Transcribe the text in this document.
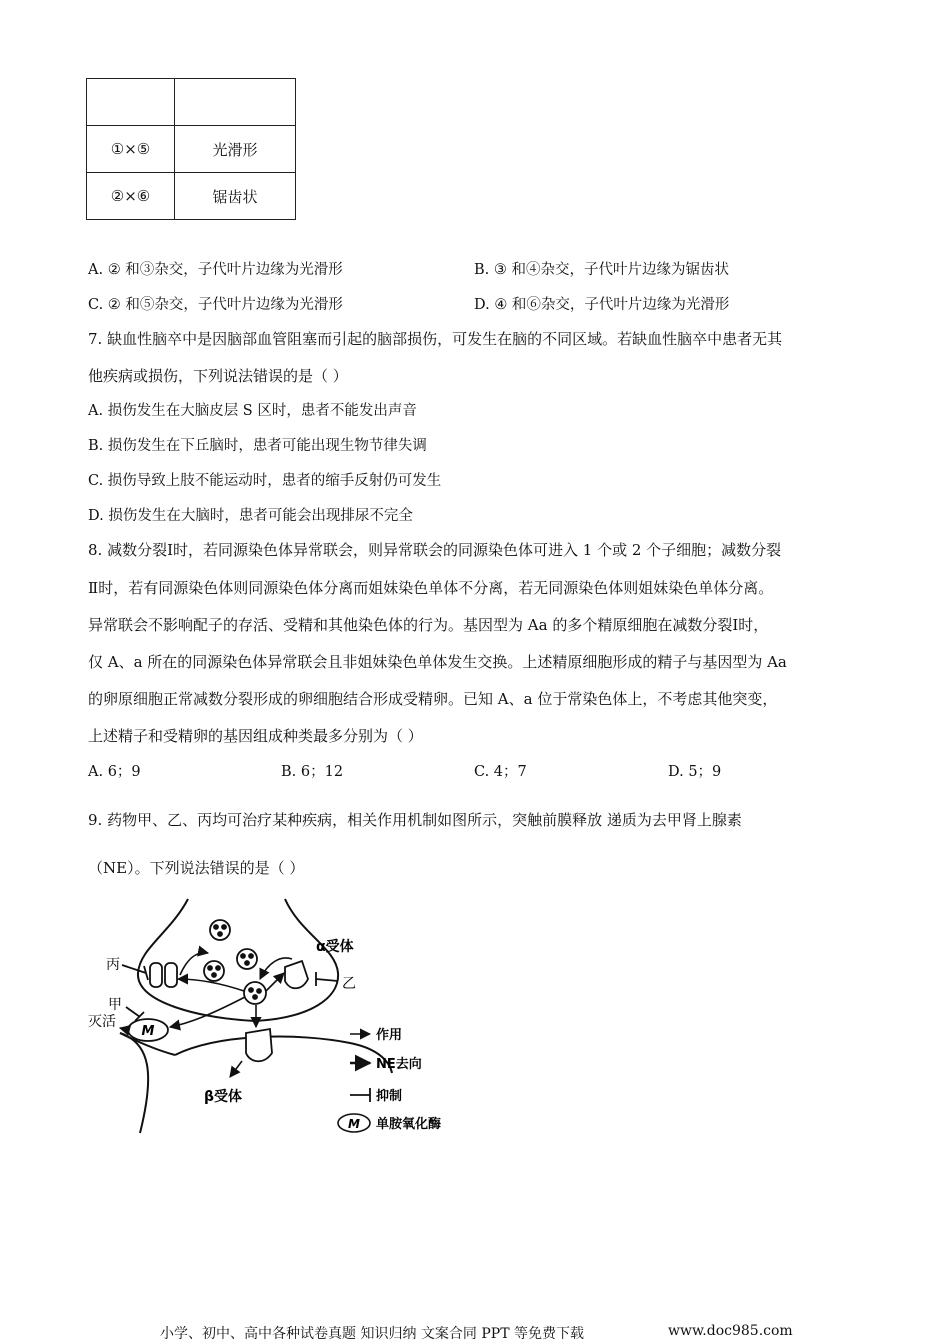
①×⑤	光滑形
②×⑥	锯齿状
A. ② 和③杂交，子代叶片边缘为光滑形	B. ③ 和④杂交，子代叶片边缘为锯齿状
C. ② 和⑤杂交，子代叶片边缘为光滑形	D. ④ 和⑥杂交，子代叶片边缘为光滑形
7. 缺血性脑卒中是因脑部血管阻塞而引起的脑部损伤，可发生在脑的不同区域。若缺血性脑卒中患者无其
他疾病或损伤，下列说法错误的是（ ）
A. 损伤发生在大脑皮层 S 区时，患者不能发出声音
B. 损伤发生在下丘脑时，患者可能出现生物节律失调
C. 损伤导致上肢不能运动时，患者的缩手反射仍可发生
D. 损伤发生在大脑时，患者可能会出现排尿不完全
8. 减数分裂Ⅰ时，若同源染色体异常联会，则异常联会的同源染色体可进入 1 个或 2 个子细胞；减数分裂
Ⅱ时，若有同源染色体则同源染色体分离而姐妹染色单体不分离，若无同源染色体则姐妹染色单体分离。
异常联会不影响配子的存活、受精和其他染色体的行为。基因型为 Aa 的多个精原细胞在减数分裂Ⅰ时，
仅 A、a 所在的同源染色体异常联会且非姐妹染色单体发生交换。上述精原细胞形成的精子与基因型为 Aa
的卵原细胞正常减数分裂形成的卵细胞结合形成受精卵。已知 A、a 位于常染色体上，不考虑其他突变，
上述精子和受精卵的基因组成种类最多分别为（ ）
A. 6；9	B. 6；12	C. 4；7	D. 5；9
9. 药物甲、乙、丙均可治疗某种疾病，相关作用机制如图所示，突触前膜释放 递质为去甲肾上腺素
（NE）。下列说法错误的是（ ）
M
丙
甲
灭活
乙
α受体
β受体
作用
NE去向
抑制
M 单胺氧化酶
小学、初中、高中各种试卷真题 知识归纳 文案合同 PPT 等免费下载	www.doc985.com
